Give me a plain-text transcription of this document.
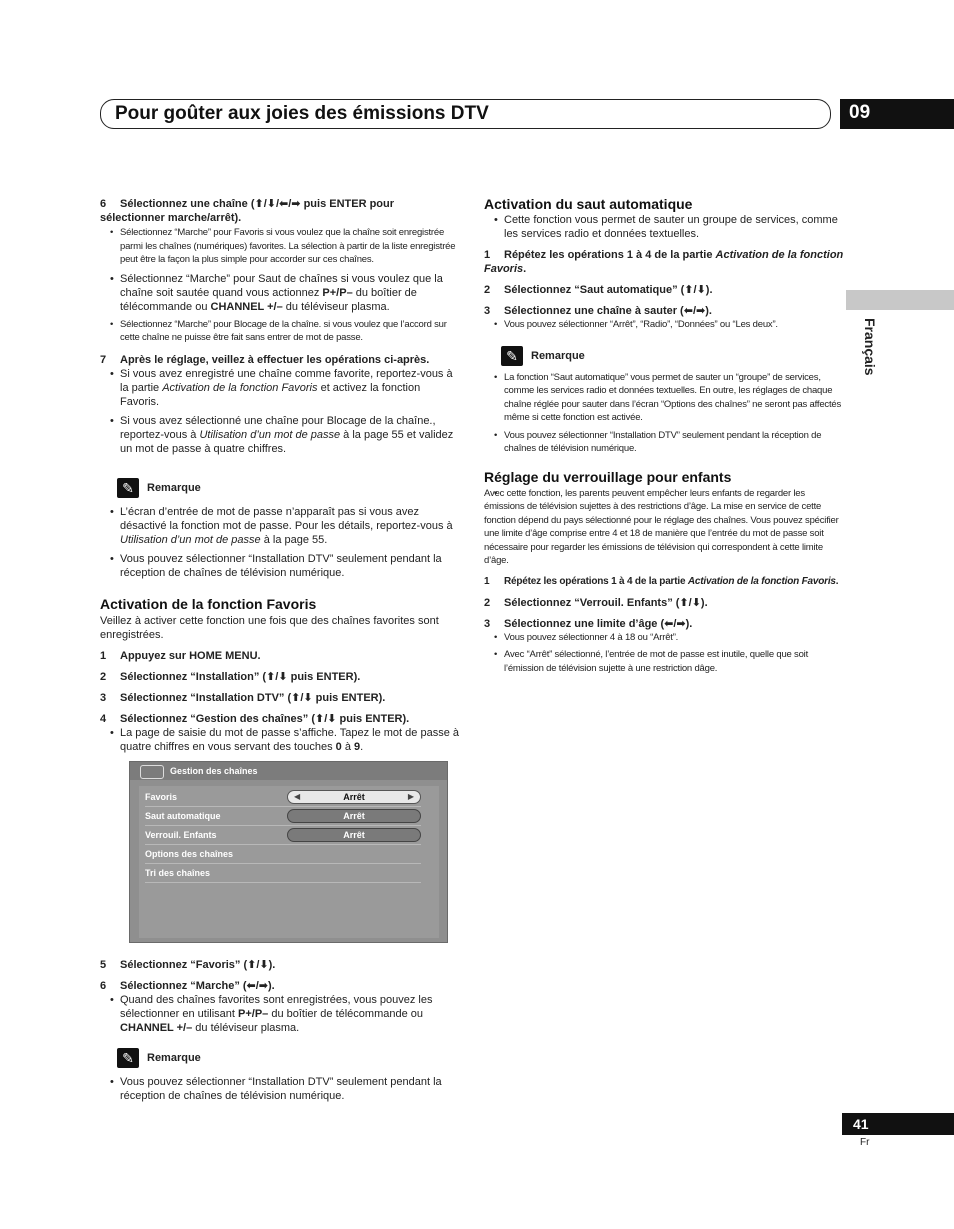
Pour goûter aux joies des émissions DTV	09
Français
6 Sélectionnez une chaîne (⬆/⬇/⬅/➡ puis ENTER pour
sélectionner marche/arrêt).
• Sélectionnez “Marche” pour Favoris si vous voulez que la chaîne soit enregistrée parmi les chaînes (numériques) favorites. La sélection à partir de la liste enregistrée peut être la façon la plus simple pour accorder sur ces chaînes.
• Sélectionnez “Marche” pour Saut de chaînes si vous voulez que la chaîne soit sautée quand vous actionnez P+/P– du boîtier de télécommande ou CHANNEL +/– du téléviseur plasma.
• Sélectionnez “Marche” pour Blocage de la chaîne. si vous voulez que l’accord sur cette chaîne ne puisse être fait sans entrer de mot de passe.
7 Après le réglage, veillez à effectuer les opérations ci-après.
• Si vous avez enregistré une chaîne comme favorite, reportez-vous à la partie Activation de la fonction Favoris et activez la fonction Favoris.
• Si vous avez sélectionné une chaîne pour Blocage de la chaîne., reportez-vous à Utilisation d’un mot de passe à la page 55 et validez un mot de passe à quatre chiffres.
✎	Remarque
• L’écran d’entrée de mot de passe n’apparaît pas si vous avez désactivé la fonction mot de passe. Pour les détails, reportez-vous à Utilisation d’un mot de passe à la page 55.
• Vous pouvez sélectionner “Installation DTV” seulement pendant la réception de chaînes de télévision numérique.
Activation de la fonction Favoris
Veillez à activer cette fonction une fois que des chaînes favorites sont enregistrées.
1 Appuyez sur HOME MENU.
2 Sélectionnez “Installation” (⬆/⬇ puis ENTER).
3 Sélectionnez “Installation DTV” (⬆/⬇ puis ENTER).
4 Sélectionnez “Gestion des chaînes” (⬆/⬇ puis ENTER).
• La page de saisie du mot de passe s’affiche. Tapez le mot de passe à quatre chiffres en vous servant des touches 0 à 9.
Gestion des chaînes
Favoris	◀	Arrêt	▶
Saut automatique	Arrêt
Verrouil. Enfants	Arrêt
Options des chaînes
Tri des chaînes
5 Sélectionnez “Favoris” (⬆/⬇).
6 Sélectionnez “Marche” (⬅/➡).
• Quand des chaînes favorites sont enregistrées, vous pouvez les sélectionner en utilisant P+/P– du boîtier de télécommande ou CHANNEL +/– du téléviseur plasma.
✎	Remarque
• Vous pouvez sélectionner “Installation DTV” seulement pendant la réception de chaînes de télévision numérique.
Activation du saut automatique
• Cette fonction vous permet de sauter un groupe de services, comme les services radio et données textuelles.
1 Répétez les opérations 1 à 4 de la partie Activation de la fonction Favoris.
2 Sélectionnez “Saut automatique” (⬆/⬇).
3 Sélectionnez une chaîne à sauter (⬅/➡).
• Vous pouvez sélectionner “Arrêt”, “Radio”, “Données” ou “Les deux”.
✎	Remarque
• La fonction “Saut automatique” vous permet de sauter un “groupe” de services, comme les services radio et données textuelles. En outre, les réglages de chaque chaîne réglée pour sauter dans l’écran “Options des chaînes” ne seront pas affectés même si cette fonction est activée.
• Vous pouvez sélectionner “Installation DTV” seulement pendant la réception de chaînes de télévision numérique.
Réglage du verrouillage pour enfants
• Avec cette fonction, les parents peuvent empêcher leurs enfants de regarder les émissions de télévision sujettes à des restrictions d’âge. La mise en service de cette fonction dépend du pays sélectionné pour le réglage des chaînes. Vous pouvez spécifier une limite d’âge comprise entre 4 et 18 de manière que l’entrée du mot de passe soit nécessaire pour regarder les émissions de télévision qui correspondent à cette limite d’âge.
1 Répétez les opérations 1 à 4 de la partie Activation de la fonction Favoris.
2 Sélectionnez “Verrouil. Enfants” (⬆/⬇).
3 Sélectionnez une limite d’âge (⬅/➡).
• Vous pouvez sélectionner 4 à 18 ou “Arrêt”.
• Avec “Arrêt” sélectionné, l’entrée de mot de passe est inutile, quelle que soit l’émission de télévision sujette à une restriction dâge.
41
Fr
